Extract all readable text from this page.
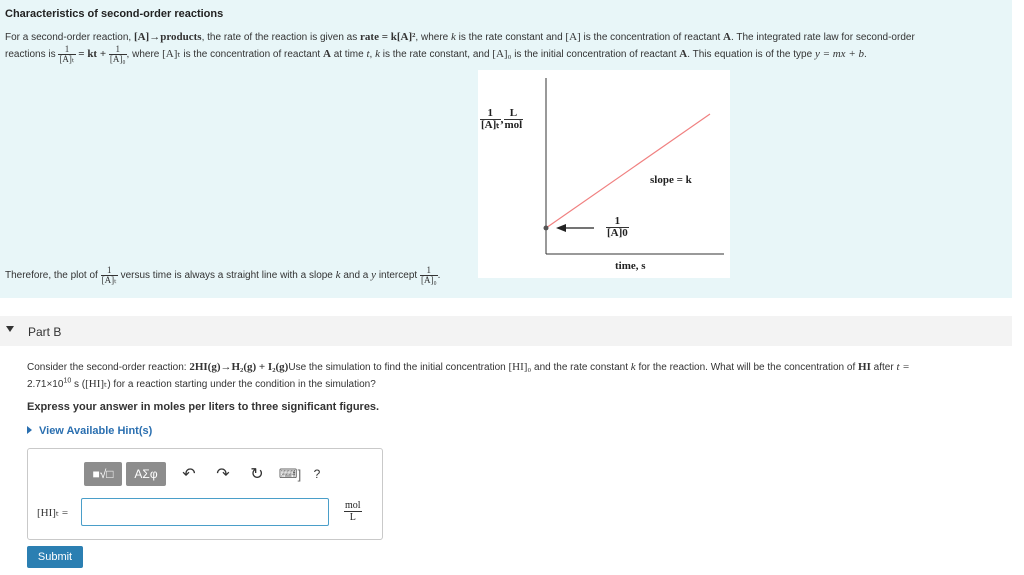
Characteristics of second-order reactions
For a second-order reaction, [A]→products, the rate of the reaction is given as rate = k[A]², where k is the rate constant and [A] is the concentration of reactant A. The integrated rate law for second-order
reactions is $\frac{1}{\text{[A]ₜ}}$ = kt + $\frac{1}{\text{[A]₀}}$ , where [A]ₜ is the concentration of reactant A at time t, k is the rate constant, and [A]₀ is the initial concentration of reactant A. This equation is of the type y = mx + b.
$\frac{1}{\text{[A]ₜ}}$ , $\frac{L}{\text{mol}}$
slope = k
$\frac{1}{[A]0}$
time, s
Therefore, the plot of $\frac{1}{\text{[A]ₜ}}$ versus time is always a straight line with a slope k and a y intercept $\frac{1}{\text{[A]₀}}$ .
Part B
Consider the second-order reaction: 2HI(g)→H₂(g) + I₂(g)Use the simulation to find the initial concentration [HI]₀ and the rate constant k for the reaction. What will be the concentration of HI after t =
$2.71\times 10^{10}$ s ([HI]ₜ) for a reaction starting under the condition in the simulation?
Express your answer in moles per liters to three significant figures.
View Available Hint(s)
■√□	ΑΣφ	↶ ↷ ↻ ⌨ ]	?
[HI]ₜ =
mol
L
Submit
